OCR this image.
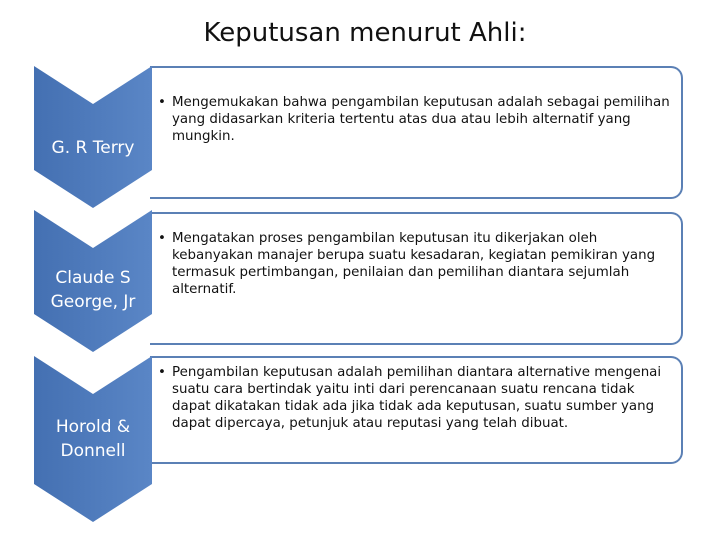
Keputusan menurut Ahli:
• Mengemukakan bahwa pengambilan keputusan adalah sebagai pemilihan yang didasarkan kriteria tertentu atas dua atau lebih alternatif yang mungkin.
G. R Terry
• Mengatakan proses pengambilan keputusan itu dikerjakan oleh kebanyakan manajer berupa suatu kesadaran, kegiatan pemikiran yang termasuk pertimbangan, penilaian dan pemilihan diantara sejumlah alternatif.
Claude S George, Jr
• Pengambilan keputusan adalah pemilihan diantara alternative mengenai suatu cara bertindak yaitu inti dari perencanaan suatu rencana tidak dapat dikatakan tidak ada jika tidak ada keputusan, suatu sumber yang dapat dipercaya, petunjuk atau reputasi yang telah dibuat.
Horold & Donnell
